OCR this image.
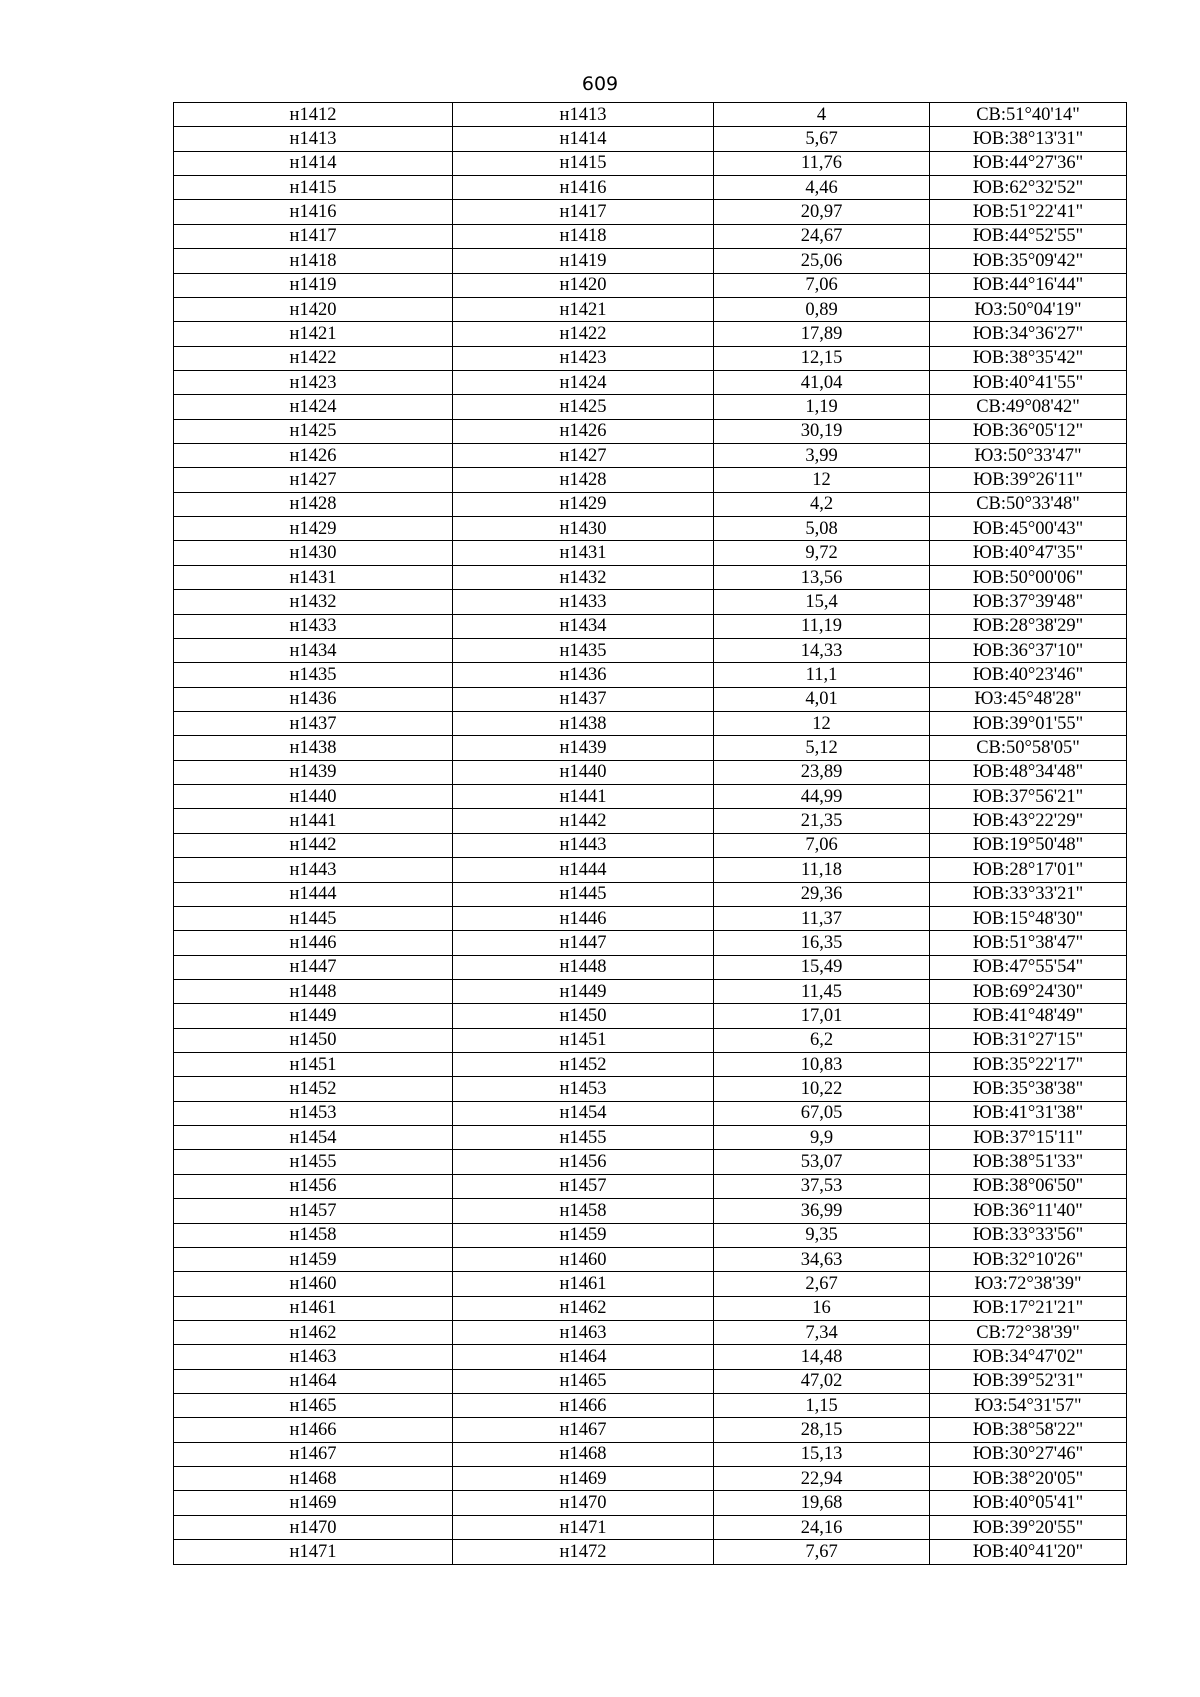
609
н1412	н1413	4	СВ:51°40'14"
н1413	н1414	5,67	ЮВ:38°13'31"
н1414	н1415	11,76	ЮВ:44°27'36"
н1415	н1416	4,46	ЮВ:62°32'52"
н1416	н1417	20,97	ЮВ:51°22'41"
н1417	н1418	24,67	ЮВ:44°52'55"
н1418	н1419	25,06	ЮВ:35°09'42"
н1419	н1420	7,06	ЮВ:44°16'44"
н1420	н1421	0,89	ЮЗ:50°04'19"
н1421	н1422	17,89	ЮВ:34°36'27"
н1422	н1423	12,15	ЮВ:38°35'42"
н1423	н1424	41,04	ЮВ:40°41'55"
н1424	н1425	1,19	СВ:49°08'42"
н1425	н1426	30,19	ЮВ:36°05'12"
н1426	н1427	3,99	ЮЗ:50°33'47"
н1427	н1428	12	ЮВ:39°26'11"
н1428	н1429	4,2	СВ:50°33'48"
н1429	н1430	5,08	ЮВ:45°00'43"
н1430	н1431	9,72	ЮВ:40°47'35"
н1431	н1432	13,56	ЮВ:50°00'06"
н1432	н1433	15,4	ЮВ:37°39'48"
н1433	н1434	11,19	ЮВ:28°38'29"
н1434	н1435	14,33	ЮВ:36°37'10"
н1435	н1436	11,1	ЮВ:40°23'46"
н1436	н1437	4,01	ЮЗ:45°48'28"
н1437	н1438	12	ЮВ:39°01'55"
н1438	н1439	5,12	СВ:50°58'05"
н1439	н1440	23,89	ЮВ:48°34'48"
н1440	н1441	44,99	ЮВ:37°56'21"
н1441	н1442	21,35	ЮВ:43°22'29"
н1442	н1443	7,06	ЮВ:19°50'48"
н1443	н1444	11,18	ЮВ:28°17'01"
н1444	н1445	29,36	ЮВ:33°33'21"
н1445	н1446	11,37	ЮВ:15°48'30"
н1446	н1447	16,35	ЮВ:51°38'47"
н1447	н1448	15,49	ЮВ:47°55'54"
н1448	н1449	11,45	ЮВ:69°24'30"
н1449	н1450	17,01	ЮВ:41°48'49"
н1450	н1451	6,2	ЮВ:31°27'15"
н1451	н1452	10,83	ЮВ:35°22'17"
н1452	н1453	10,22	ЮВ:35°38'38"
н1453	н1454	67,05	ЮВ:41°31'38"
н1454	н1455	9,9	ЮВ:37°15'11"
н1455	н1456	53,07	ЮВ:38°51'33"
н1456	н1457	37,53	ЮВ:38°06'50"
н1457	н1458	36,99	ЮВ:36°11'40"
н1458	н1459	9,35	ЮВ:33°33'56"
н1459	н1460	34,63	ЮВ:32°10'26"
н1460	н1461	2,67	ЮЗ:72°38'39"
н1461	н1462	16	ЮВ:17°21'21"
н1462	н1463	7,34	СВ:72°38'39"
н1463	н1464	14,48	ЮВ:34°47'02"
н1464	н1465	47,02	ЮВ:39°52'31"
н1465	н1466	1,15	ЮЗ:54°31'57"
н1466	н1467	28,15	ЮВ:38°58'22"
н1467	н1468	15,13	ЮВ:30°27'46"
н1468	н1469	22,94	ЮВ:38°20'05"
н1469	н1470	19,68	ЮВ:40°05'41"
н1470	н1471	24,16	ЮВ:39°20'55"
н1471	н1472	7,67	ЮВ:40°41'20"
